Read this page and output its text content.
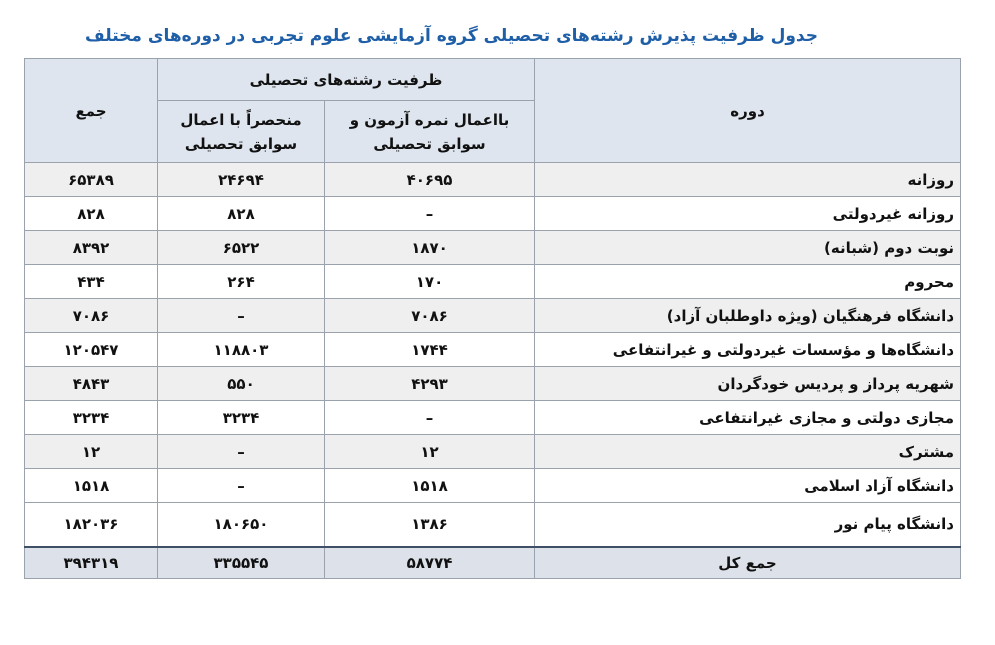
جدول ظرفیت پذیرش رشته‌های تحصیلی گروه آزمایشی علوم تجربی در دوره‌های مختلف
جمع	ظرفیت رشته‌های تحصیلی		دوره
	منحصراً با اعمال سوابق تحصیلی	بااعمال نمره آزمون و سوابق تحصیلی	
۶۵۳۸۹	۲۴۶۹۴	۴۰۶۹۵	روزانه
۸۲۸	۸۲۸	–	روزانه غیردولتی
۸۳۹۲	۶۵۲۲	۱۸۷۰	نوبت دوم (شبانه)
۴۳۴	۲۶۴	۱۷۰	محروم
۷۰۸۶	–	۷۰۸۶	دانشگاه فرهنگیان (ویژه داوطلبان آزاد)
۱۲۰۵۴۷	۱۱۸۸۰۳	۱۷۴۴	دانشگاه‌ها و مؤسسات غیردولتی و غیرانتفاعی
۴۸۴۳	۵۵۰	۴۲۹۳	شهریه پرداز و پردیس خودگردان
۳۲۳۴	۳۲۳۴	–	مجازی دولتی و مجازی غیرانتفاعی
۱۲	–	۱۲	مشترک
۱۵۱۸	–	۱۵۱۸	دانشگاه آزاد اسلامی
۱۸۲۰۳۶	۱۸۰۶۵۰	۱۳۸۶	دانشگاه پیام نور
۳۹۴۳۱۹	۳۳۵۵۴۵	۵۸۷۷۴	جمع کل
